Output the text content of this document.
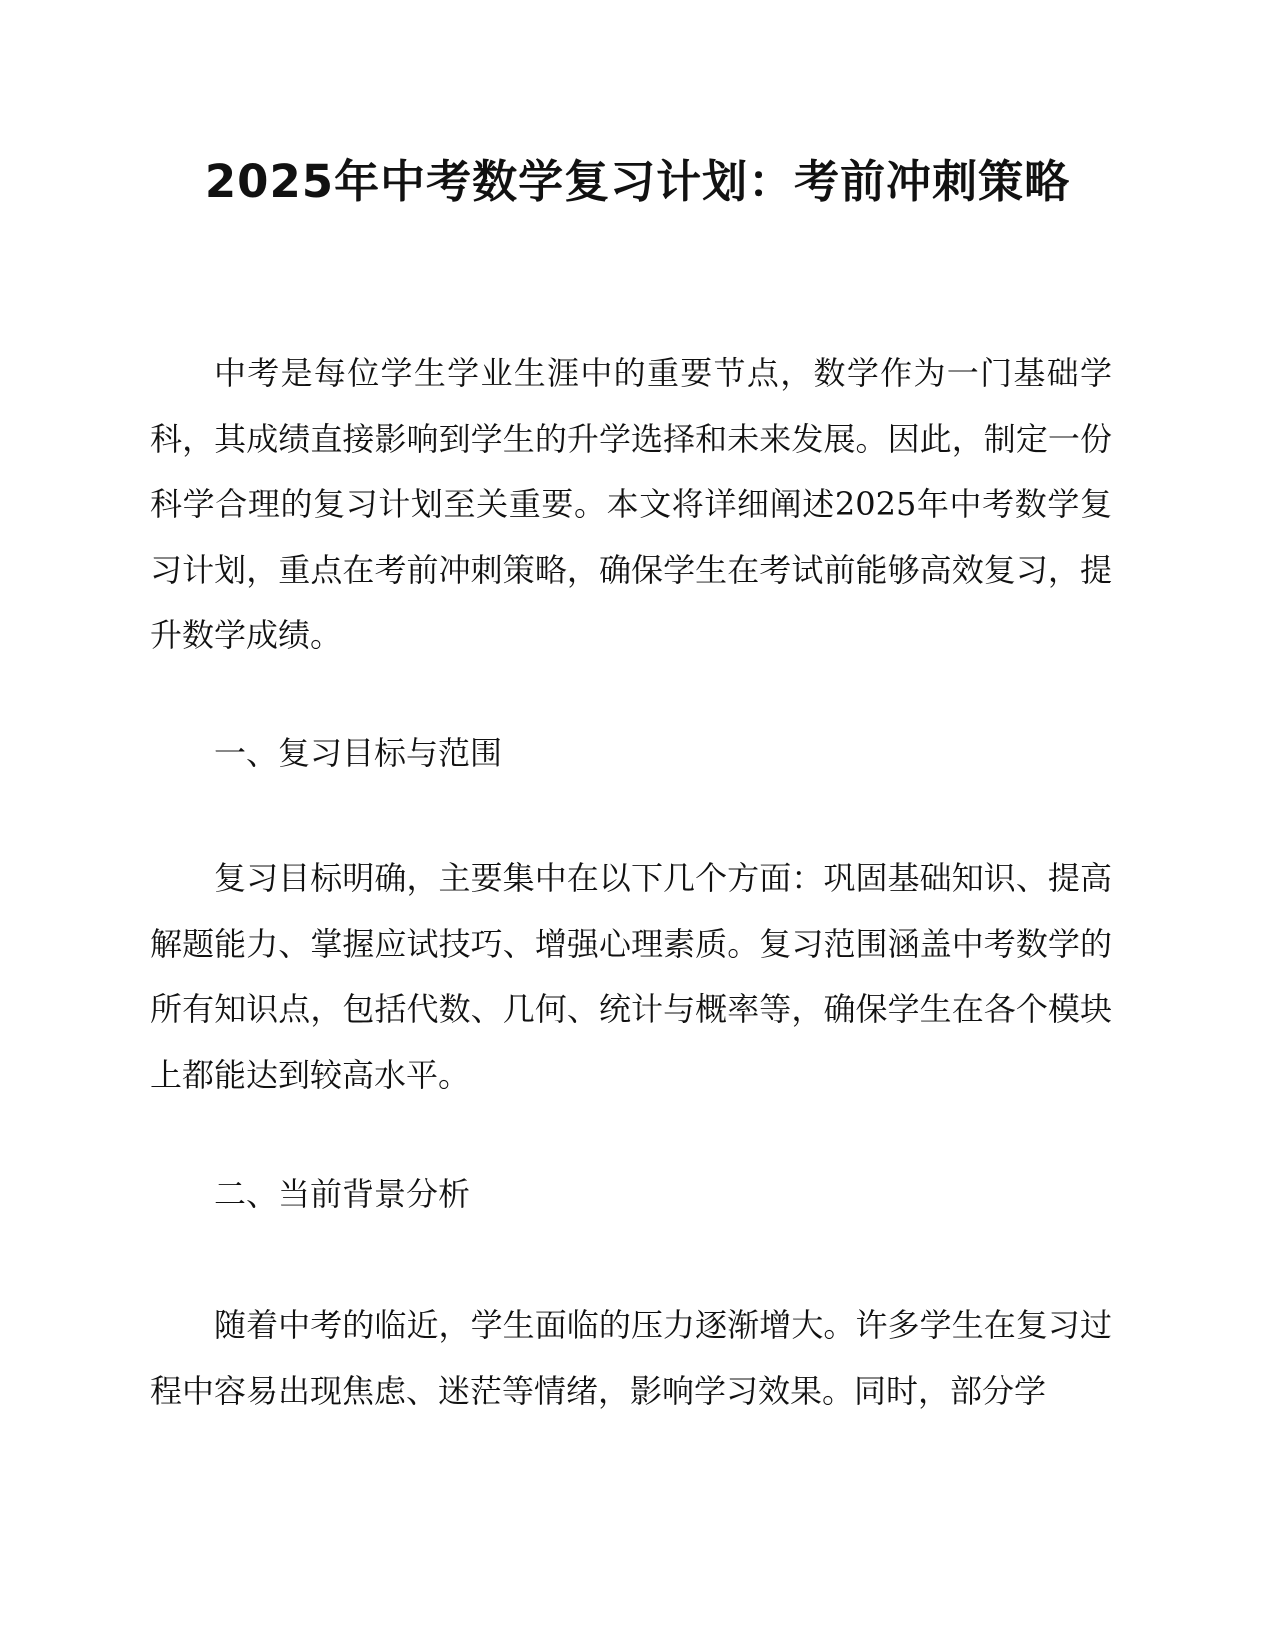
2025年中考数学复习计划：考前冲刺策略

中考是每位学生学业生涯中的重要节点，数学作为一门基础学科，其成绩直接影响到学生的升学选择和未来发展。因此，制定一份科学合理的复习计划至关重要。本文将详细阐述2025年中考数学复习计划，重点在考前冲刺策略，确保学生在考试前能够高效复习，提升数学成绩。

一、复习目标与范围

复习目标明确，主要集中在以下几个方面：巩固基础知识、提高解题能力、掌握应试技巧、增强心理素质。复习范围涵盖中考数学的所有知识点，包括代数、几何、统计与概率等，确保学生在各个模块上都能达到较高水平。

二、当前背景分析

随着中考的临近，学生面临的压力逐渐增大。许多学生在复习过程中容易出现焦虑、迷茫等情绪，影响学习效果。同时，部分学
